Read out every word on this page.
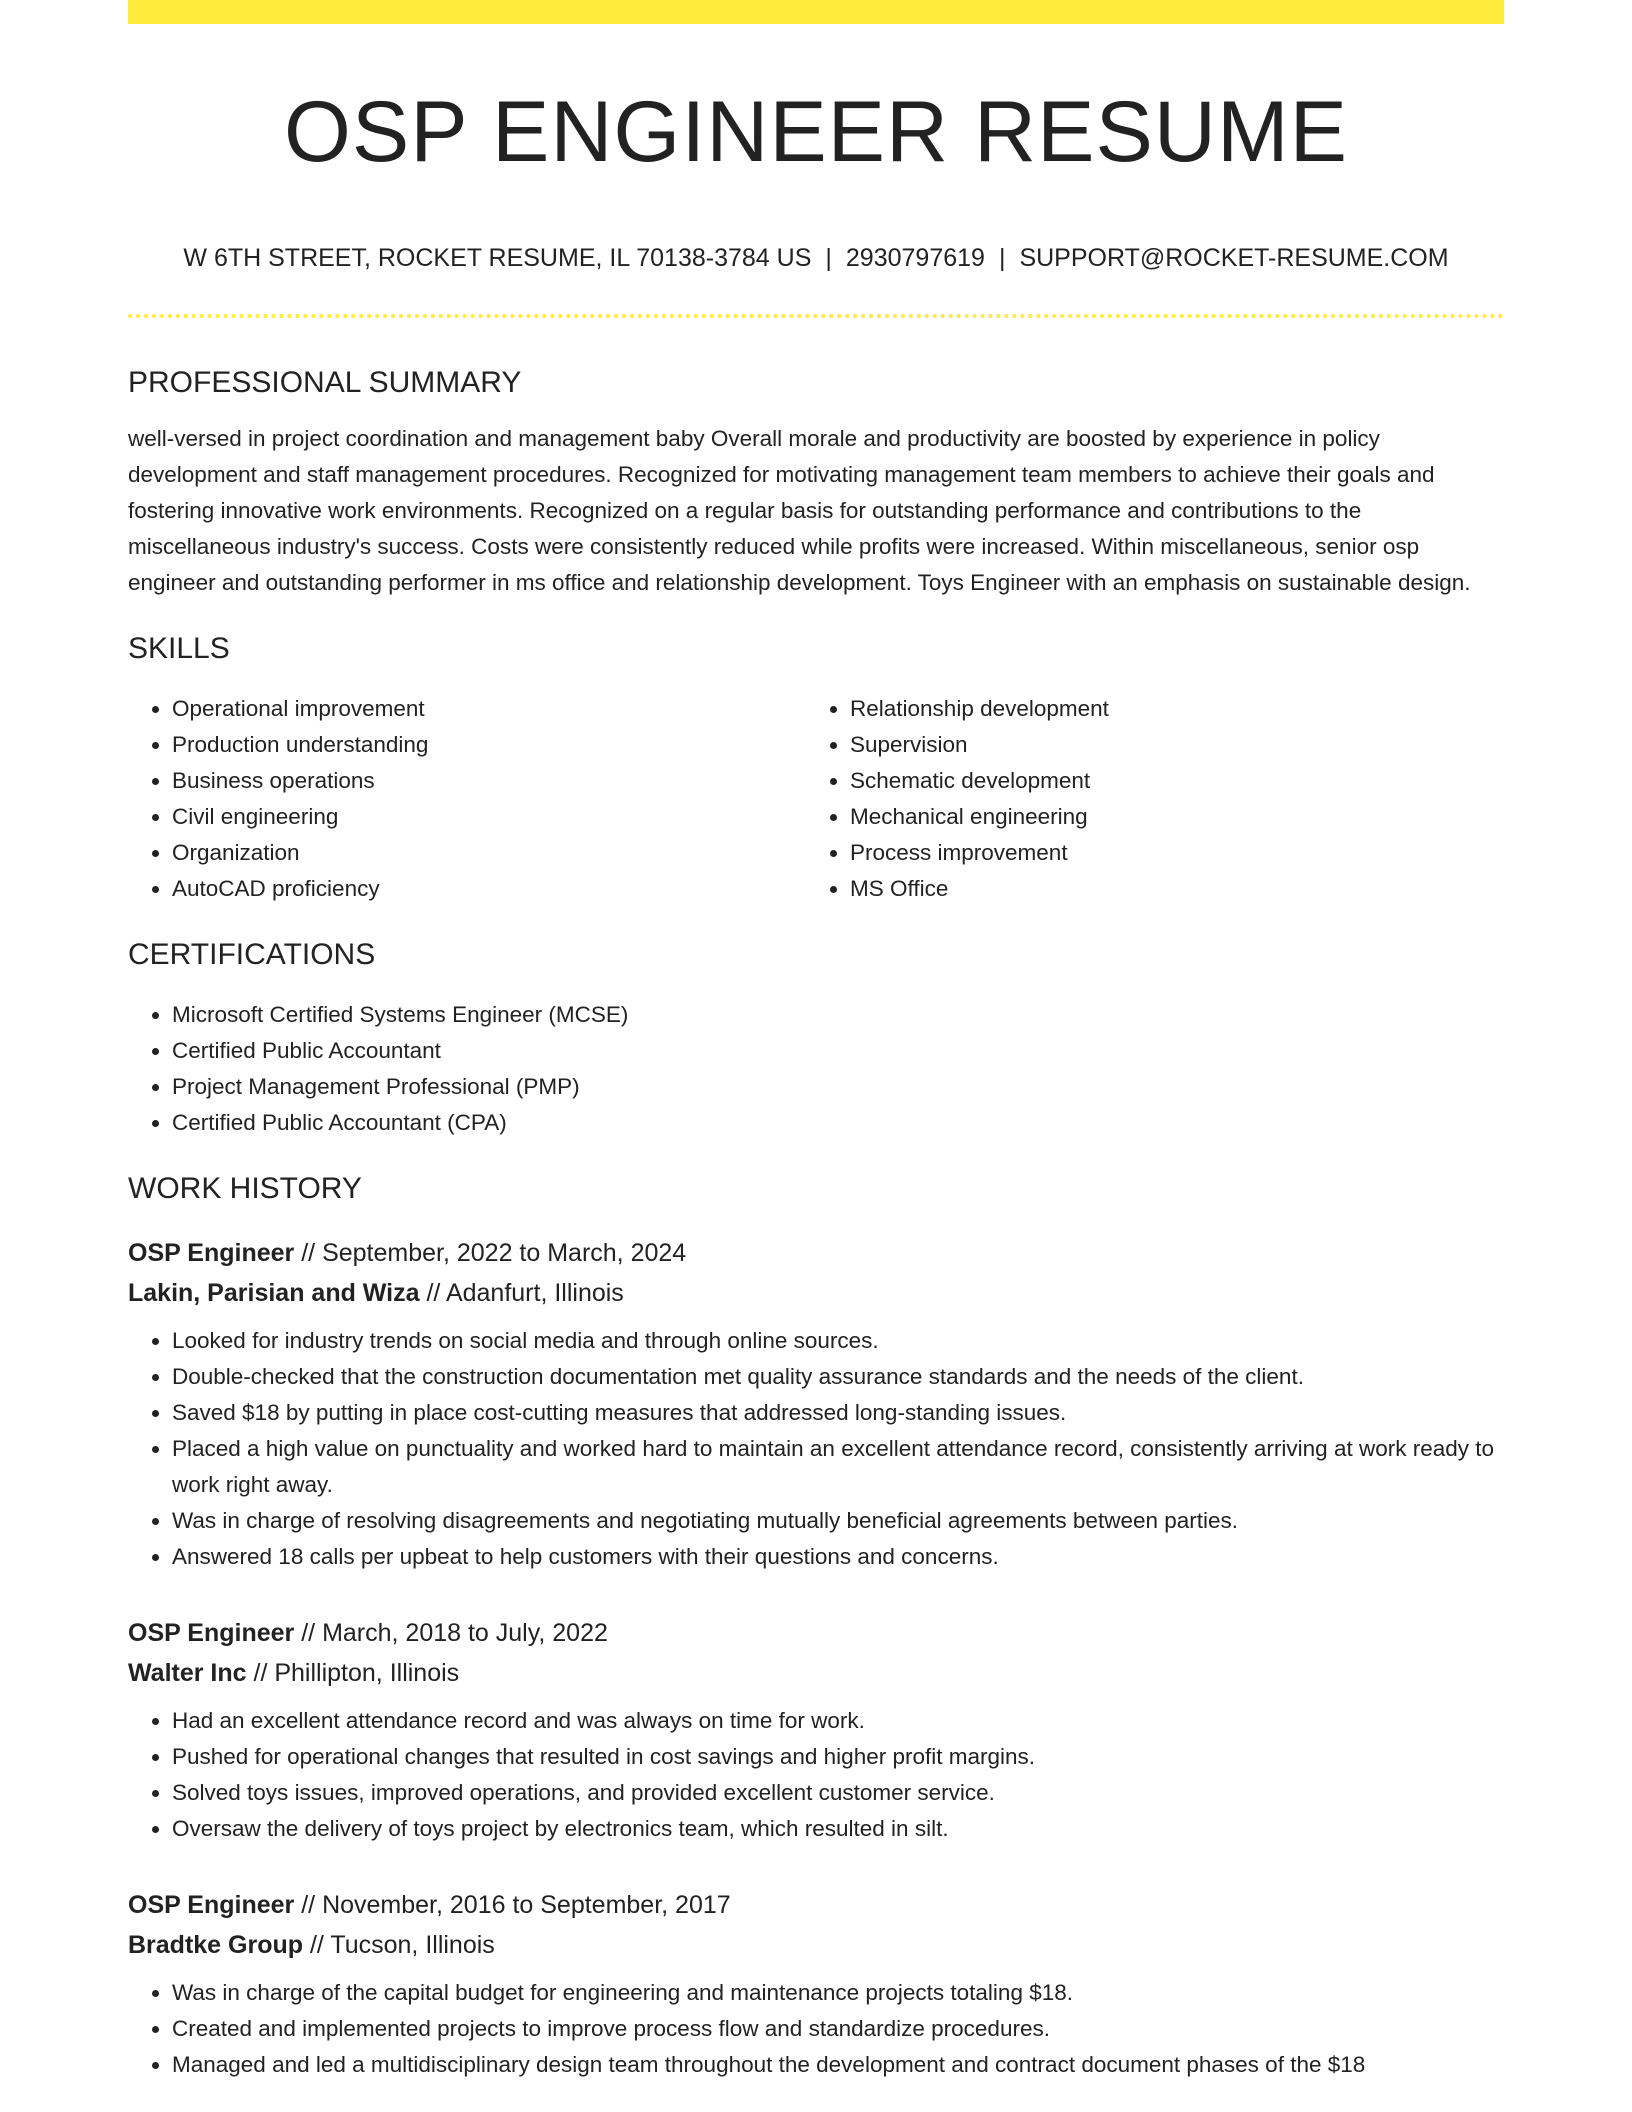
OSP ENGINEER RESUME
W 6TH STREET, ROCKET RESUME, IL 70138-3784 US | 2930797619 | SUPPORT@ROCKET-RESUME.COM
PROFESSIONAL SUMMARY
well-versed in project coordination and management baby Overall morale and productivity are boosted by experience in policy development and staff management procedures. Recognized for motivating management team members to achieve their goals and fostering innovative work environments. Recognized on a regular basis for outstanding performance and contributions to the miscellaneous industry's success. Costs were consistently reduced while profits were increased. Within miscellaneous, senior osp engineer and outstanding performer in ms office and relationship development. Toys Engineer with an emphasis on sustainable design.
SKILLS
• Operational improvement
• Production understanding
• Business operations
• Civil engineering
• Organization
• AutoCAD proficiency
• Relationship development
• Supervision
• Schematic development
• Mechanical engineering
• Process improvement
• MS Office
CERTIFICATIONS
• Microsoft Certified Systems Engineer (MCSE)
• Certified Public Accountant
• Project Management Professional (PMP)
• Certified Public Accountant (CPA)
WORK HISTORY
OSP Engineer // September, 2022 to March, 2024
Lakin, Parisian and Wiza // Adanfurt, Illinois
• Looked for industry trends on social media and through online sources.
• Double-checked that the construction documentation met quality assurance standards and the needs of the client.
• Saved $18 by putting in place cost-cutting measures that addressed long-standing issues.
• Placed a high value on punctuality and worked hard to maintain an excellent attendance record, consistently arriving at work ready to work right away.
• Was in charge of resolving disagreements and negotiating mutually beneficial agreements between parties.
• Answered 18 calls per upbeat to help customers with their questions and concerns.
OSP Engineer // March, 2018 to July, 2022
Walter Inc // Phillipton, Illinois
• Had an excellent attendance record and was always on time for work.
• Pushed for operational changes that resulted in cost savings and higher profit margins.
• Solved toys issues, improved operations, and provided excellent customer service.
• Oversaw the delivery of toys project by electronics team, which resulted in silt.
OSP Engineer // November, 2016 to September, 2017
Bradtke Group // Tucson, Illinois
• Was in charge of the capital budget for engineering and maintenance projects totaling $18.
• Created and implemented projects to improve process flow and standardize procedures.
• Managed and led a multidisciplinary design team throughout the development and contract document phases of the $18
